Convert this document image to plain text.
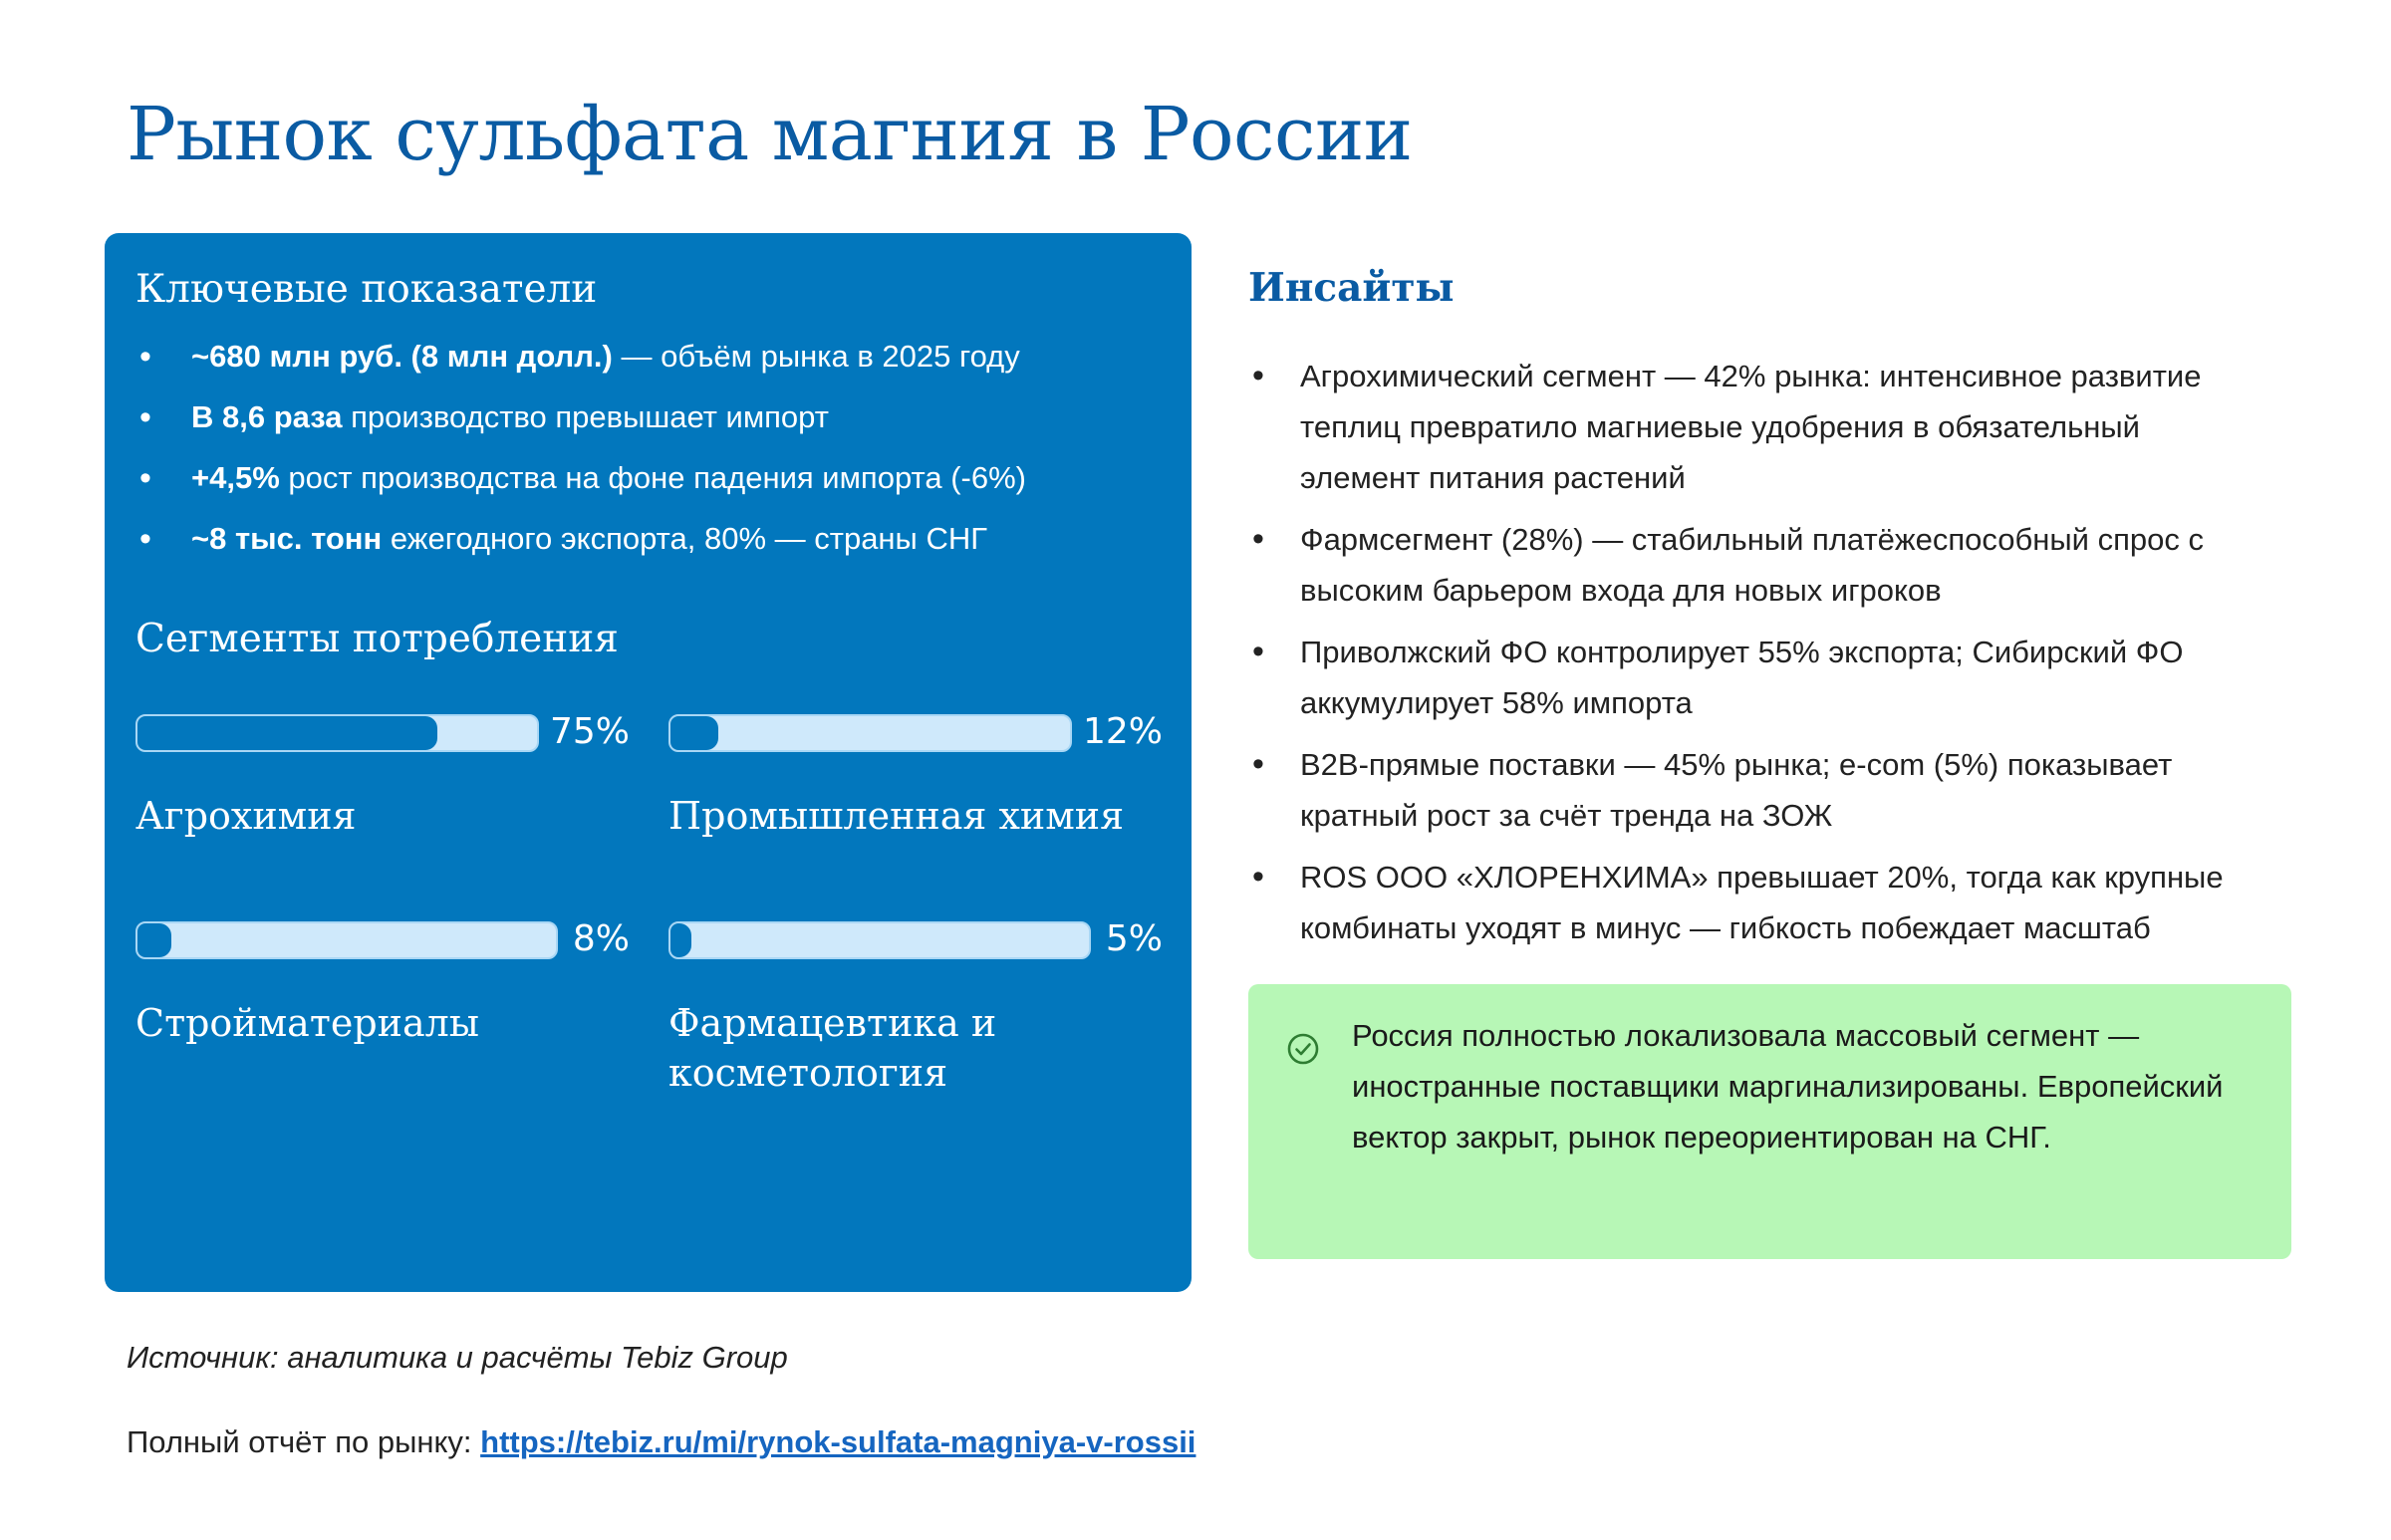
Рынок сульфата магния в России
Ключевые показатели
• ~680 млн руб. (8 млн долл.) — объём рынка в 2025 году
• В 8,6 раза производство превышает импорт
• +4,5% рост производства на фоне падения импорта (-6%)
• ~8 тыс. тонн ежегодного экспорта, 80% — страны СНГ
Сегменты потребления
75%
Агрохимия
12%
Промышленная химия
8%
Стройматериалы
5%
Фармацевтика и косметология
Инсайты
• Агрохимический сегмент — 42% рынка: интенсивное развитие теплиц превратило магниевые удобрения в обязательный элемент питания растений
• Фармсегмент (28%) — стабильный платёжеспособный спрос с высоким барьером входа для новых игроков
• Приволжский ФО контролирует 55% экспорта; Сибирский ФО аккумулирует 58% импорта
• B2B-прямые поставки — 45% рынка; e-com (5%) показывает кратный рост за счёт тренда на ЗОЖ
• ROS ООО «ХЛОРЕНХИМА» превышает 20%, тогда как крупные комбинаты уходят в минус — гибкость побеждает масштаб
Россия полностью локализовала массовый сегмент — иностранные поставщики маргинализированы. Европейский вектор закрыт, рынок переориентирован на СНГ.
Источник: аналитика и расчёты Tebiz Group
Полный отчёт по рынку: https://tebiz.ru/mi/rynok-sulfata-magniya-v-rossii
